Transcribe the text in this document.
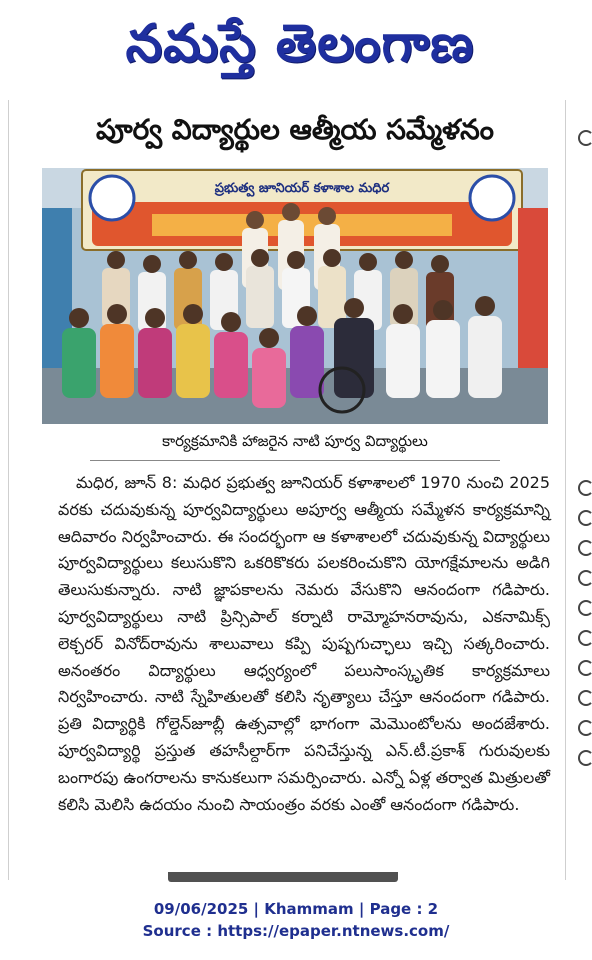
నమస్తే తెలంగాణ
పూర్వ విద్యార్థుల ఆత్మీయ సమ్మేళనం
ప్రభుత్వ జూనియర్ కళాశాల మధిర
కార్యక్రమానికి హాజరైన నాటి పూర్వ విద్యార్థులు

మధిర, జూన్ 8: మధిర ప్రభుత్వ జూనియర్ కళాశాలలో 1970 నుంచి 2025 వరకు చదువుకున్న పూర్వవిద్యార్థులు అపూర్వ ఆత్మీయ సమ్మేళన కార్యక్రమాన్ని ఆదివారం నిర్వహించారు. ఈ సందర్భంగా ఆ కళాశాలలో చదువుకున్న విద్యార్థులు పూర్వవిద్యార్థులు కలుసుకొని ఒకరికొకరు పలకరించుకొని యోగక్షేమాలను అడిగి తెలుసుకున్నారు. నాటి జ్ఞాపకాలను నెమరు వేసుకొని ఆనందంగా గడిపారు. పూర్వవిద్యార్థులు నాటి ప్రిన్సిపాల్ కర్నాటి రామ్మోహనరావును, ఎకనామిక్స్ లెక్చరర్ వినోద్‌రావును శాలువాలు కప్పి పుష్పగుచ్ఛాలు ఇచ్చి సత్కరించారు. అనంతరం విద్యార్థులు ఆధ్వర్యంలో పలుసాంస్కృతిక కార్యక్రమాలు నిర్వహించారు. నాటి స్నేహితులతో కలిసి నృత్యాలు చేస్తూ ఆనందంగా గడిపారు. ప్రతి విద్యార్థికి గోల్డెన్‌జూబ్లీ ఉత్సవాల్లో భాగంగా మెమొంటోలను అందజేశారు. పూర్వవిద్యార్థి ప్రస్తుత తహసీల్దార్‌గా పనిచేస్తున్న ఎన్.టీ.ప్రకాశ్ గురువులకు బంగారపు ఉంగరాలను కానుకలుగా సమర్పించారు. ఎన్నో ఏళ్ల తర్వాత మిత్రులతో కలిసి మెలిసి ఉదయం నుంచి సాయంత్రం వరకు ఎంతో ఆనందంగా గడిపారు.

09/06/2025 | Khammam | Page : 2
Source : https://epaper.ntnews.com/
